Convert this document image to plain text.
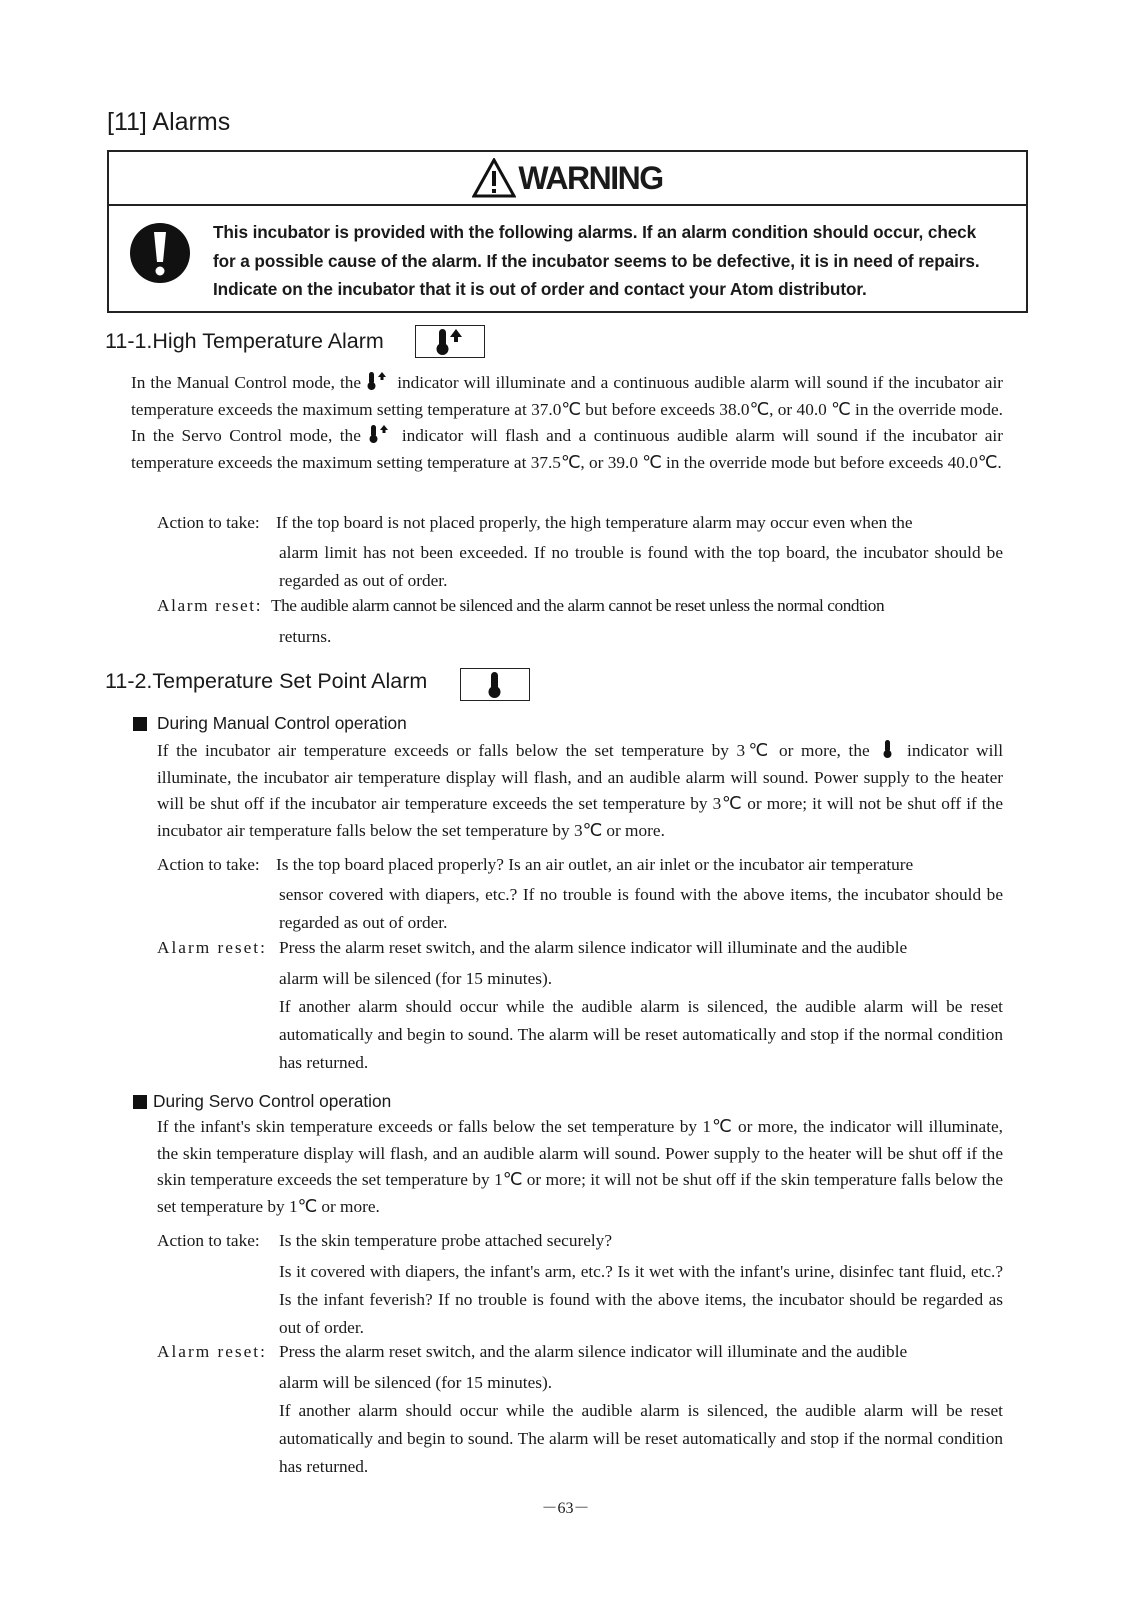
[11] Alarms
WARNING
This incubator is provided with the following alarms. If an alarm condition should occur, check for a possible cause of the alarm. If the incubator seems to be defective, it is in need of repairs. Indicate on the incubator that it is out of order and contact your Atom distributor.
11-1.High Temperature Alarm
In the Manual Control mode, the indicator will illuminate and a continuous audible alarm will sound if the incubator air temperature exceeds the maximum setting temperature at 37.0℃ but before exceeds 38.0℃, or 40.0 ℃ in the override mode. In the Servo Control mode, the indicator will flash and a continuous audible alarm will sound if the incubator air temperature exceeds the maximum setting temperature at 37.5℃, or 39.0 ℃ in the override mode but before exceeds 40.0℃.
Action to take: If the top board is not placed properly, the high temperature alarm may occur even when the
alarm limit has not been exceeded. If no trouble is found with the top board, the incubator should be regarded as out of order.
Alarm reset: The audible alarm cannot be silenced and the alarm cannot be reset unless the normal condtion
returns.
11-2.Temperature Set Point Alarm
During Manual Control operation
If the incubator air temperature exceeds or falls below the set temperature by 3℃ or more, the indicator will illuminate, the incubator air temperature display will flash, and an audible alarm will sound. Power supply to the heater will be shut off if the incubator air temperature exceeds the set temperature by 3℃ or more; it will not be shut off if the incubator air temperature falls below the set temperature by 3℃ or more.
Action to take: Is the top board placed properly? Is an air outlet, an air inlet or the incubator air temperature
sensor covered with diapers, etc.? If no trouble is found with the above items, the incubator should be regarded as out of order.
Alarm reset: Press the alarm reset switch, and the alarm silence indicator will illuminate and the audible
alarm will be silenced (for 15 minutes).
If another alarm should occur while the audible alarm is silenced, the audible alarm will be reset automatically and begin to sound. The alarm will be reset automatically and stop if the normal condition has returned.
During Servo Control operation
If the infant's skin temperature exceeds or falls below the set temperature by 1℃ or more, the indicator will illuminate, the skin temperature display will flash, and an audible alarm will sound. Power supply to the heater will be shut off if the skin temperature exceeds the set temperature by 1℃ or more; it will not be shut off if the skin temperature falls below the set temperature by 1℃ or more.
Action to take: Is the skin temperature probe attached securely?
Is it covered with diapers, the infant's arm, etc.? Is it wet with the infant's urine, disinfec tant fluid, etc.? Is the infant feverish? If no trouble is found with the above items, the incubator should be regarded as out of order.
Alarm reset: Press the alarm reset switch, and the alarm silence indicator will illuminate and the audible
alarm will be silenced (for 15 minutes).
If another alarm should occur while the audible alarm is silenced, the audible alarm will be reset automatically and begin to sound. The alarm will be reset automatically and stop if the normal condition has returned.
－63－
